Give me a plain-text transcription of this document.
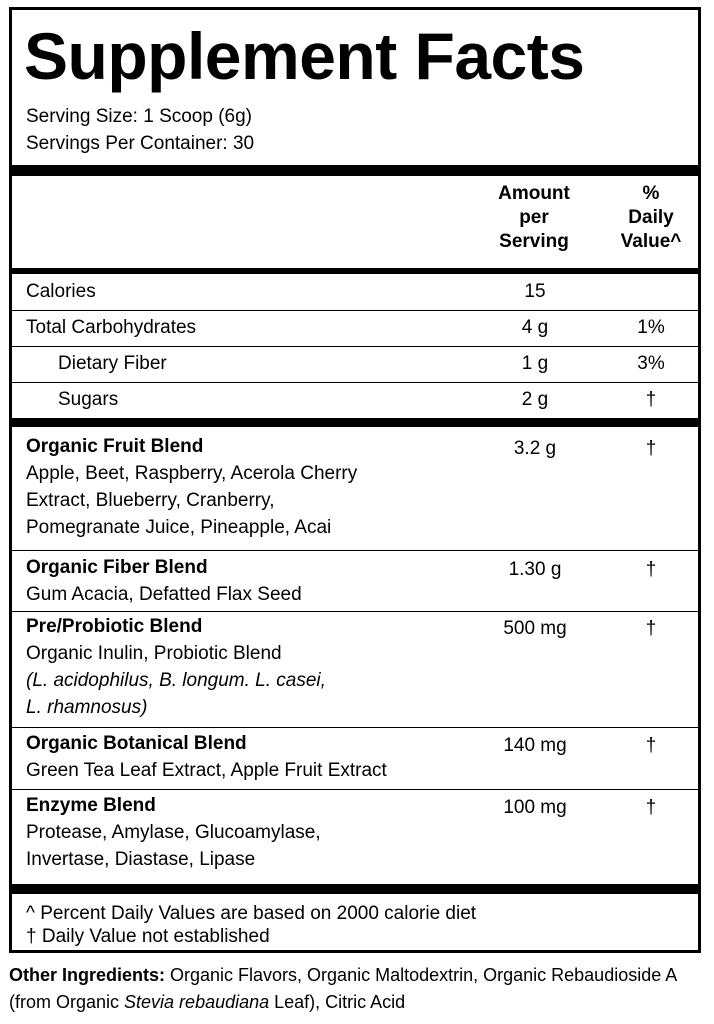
Supplement Facts
Serving Size: 1 Scoop (6g)
Servings Per Container: 30
Amount
per
Serving
%
Daily
Value^
Calories	15
Total Carbohydrates	4 g	1%
Dietary Fiber	1 g	3%
Sugars	2 g	†
Organic Fruit Blend
Apple, Beet, Raspberry, Acerola Cherry
Extract, Blueberry, Cranberry,
Pomegranate Juice, Pineapple, Acai
3.2 g	†
Organic Fiber Blend
Gum Acacia, Defatted Flax Seed
1.30 g	†
Pre/Probiotic Blend
Organic Inulin, Probiotic Blend
(L. acidophilus, B. longum. L. casei,
L. rhamnosus)
500 mg	†
Organic Botanical Blend
Green Tea Leaf Extract, Apple Fruit Extract
140 mg	†
Enzyme Blend
Protease, Amylase, Glucoamylase,
Invertase, Diastase, Lipase
100 mg	†
^ Percent Daily Values are based on 2000 calorie diet
† Daily Value not established
Other Ingredients: Organic Flavors, Organic Maltodextrin, Organic Rebaudioside A (from Organic Stevia rebaudiana Leaf), Citric Acid
